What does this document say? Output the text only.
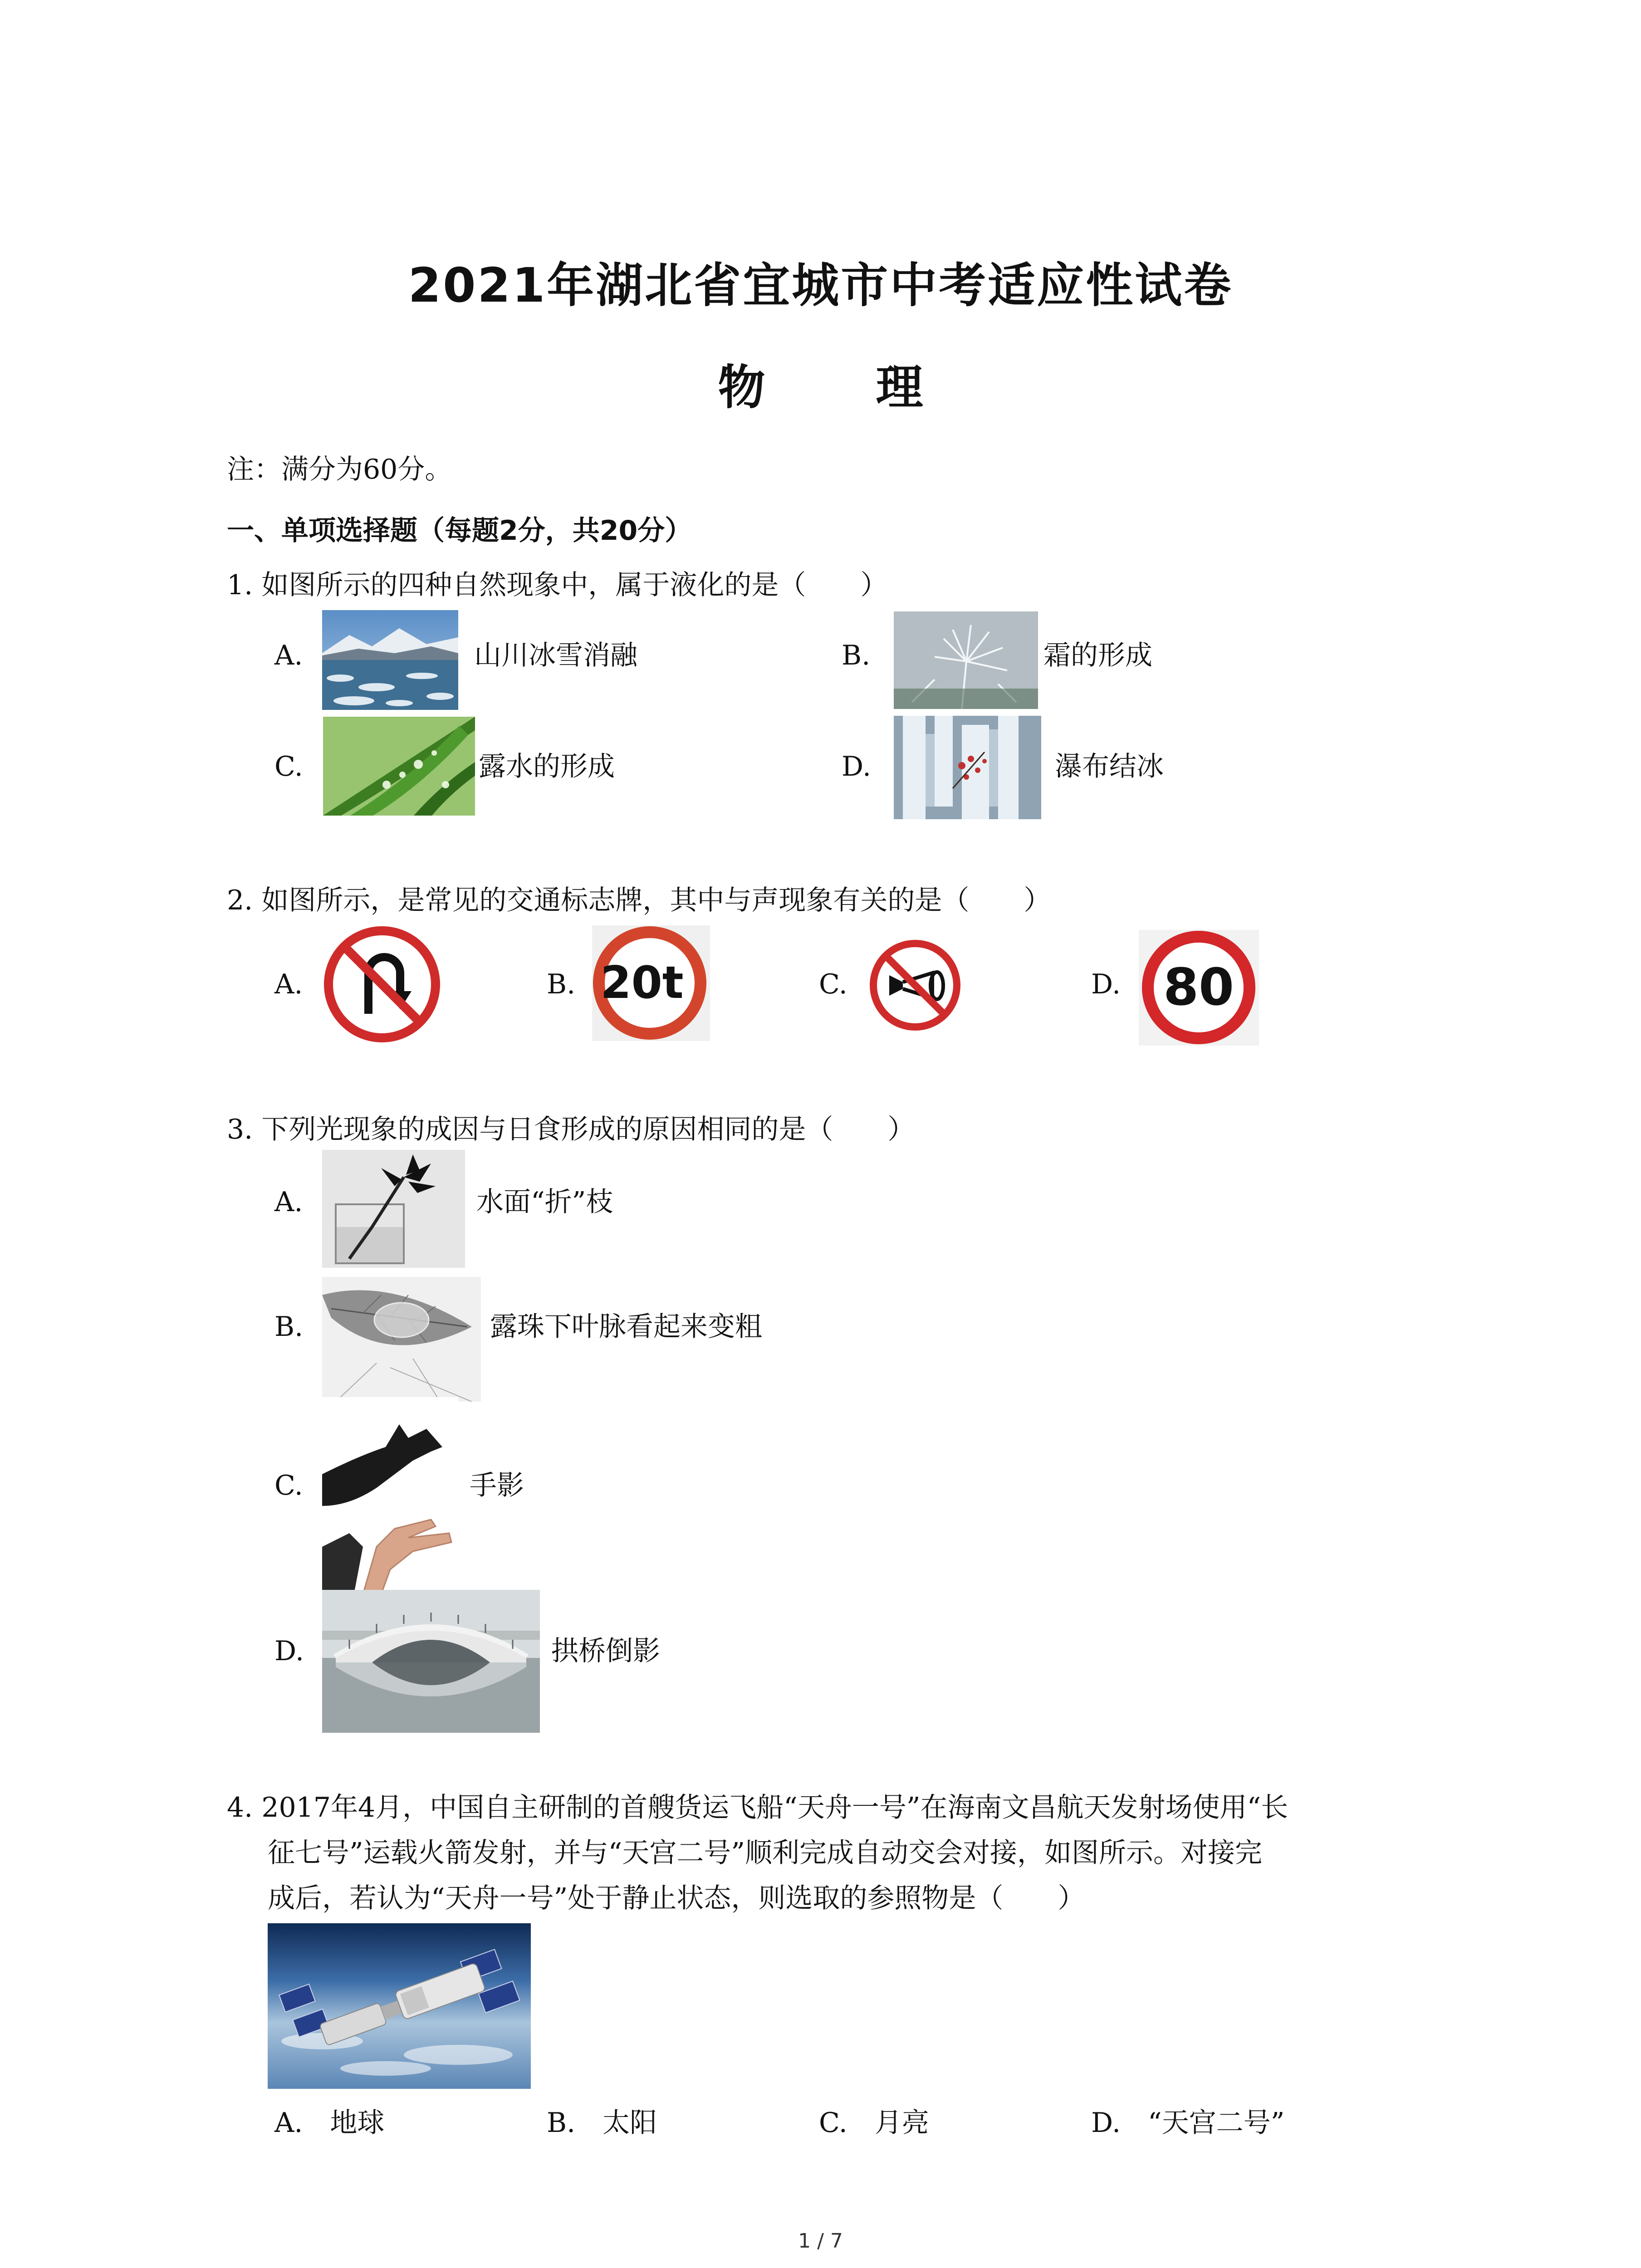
2021年湖北省宜城市中考适应性试卷
物　理
注：满分为60分。
一、单项选择题（每题2分，共20分）
1. 如图所示的四种自然现象中，属于液化的是（　　）
A.	山川冰雪消融	B.	霜的形成
C.	露水的形成	D.	瀑布结冰
2. 如图所示，是常见的交通标志牌，其中与声现象有关的是（　　）
A.	B. 20t	C.	D. 80
3. 下列光现象的成因与日食形成的原因相同的是（　　）
A.	水面“折”枝
B.	露珠下叶脉看起来变粗
C.	手影
D.	拱桥倒影
4. 2017年4月，中国自主研制的首艘货运飞船“天舟一号”在海南文昌航天发射场使用“长
征七号”运载火箭发射，并与“天宫二号”顺利完成自动交会对接，如图所示。对接完
成后，若认为“天舟一号”处于静止状态，则选取的参照物是（　　）
A.　 地球	B.　 太阳	C.　 月亮	D.　 “天宫二号”
1 / 7
